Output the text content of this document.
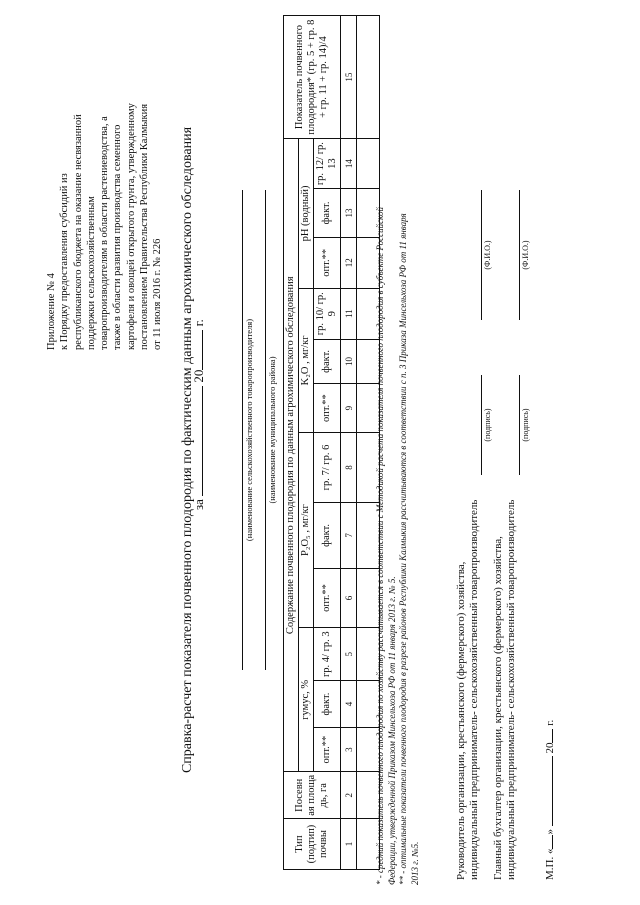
Приложение № 4 к Порядку предоставления субсидий из республиканского бюджета на оказание несвязанной поддержки сельскохозяйственным товаропроизводителям в области растениеводства, а также в области развития производства семенного картофеля и овощей открытого грунта, утвержденному постановлением Правительства Республики Калмыкия от 11 июля 2016 г. № 226 Справка-расчет показателя почвенного плодородия по фактическим данным агрохимического обследования
за  20 г.	(наименование сельскохозяйственного товаропроизводителя) (наименование муниципального района)
Тип (подтип) почвы	Посевн ая площа дь, га	Содержание почвенного плодородия по данным агрохимического обследования												Показатель почвенного плодородия* (гр. 5 + гр. 8 + гр. 11 + гр. 14)/4
		гумус, %			P₂O₅ , мг/кг			K₂O , мг/кг			pH (водный)			
		опт.**	факт.	гр. 4/ гр. 3	опт.**	факт.	гр. 7/ гр. 6	опт.**	факт.	гр. 10/ гр. 9	опт.**	факт.	гр. 12/ гр. 13	
1	2	3	4	5	6	7	8	9	10	11	12	13	14	15

* - средний показатель почвенного плодородия по хозяйству рассчитывается в соответствии с Методикой расчета показателя почвенного плодородия в субъекте Российской Федерации, утвержденной Приказом Минсельхоза РФ от 11 января 2013 г. № 5. ** - оптимальные показатели почвенного плодородия в разрезе районов Республики Калмыкия рассчитываются в соответствии с п. 3 Приказа Минсельхоза РФ от 11 января 2013 г. №5.	Руководитель организации, крестьянского (фермерского) хозяйства, индивидуальный предприниматель- сельскохозяйственный товаропроизводитель
(подпись)
(Ф.И.О.)
Главный бухгалтер организации, крестьянского (фермерского) хозяйства, индивидуальный предприниматель- сельскохозяйственный товаропроизводитель
(подпись)
(Ф.И.О.)
М.П. «»  20 г.
